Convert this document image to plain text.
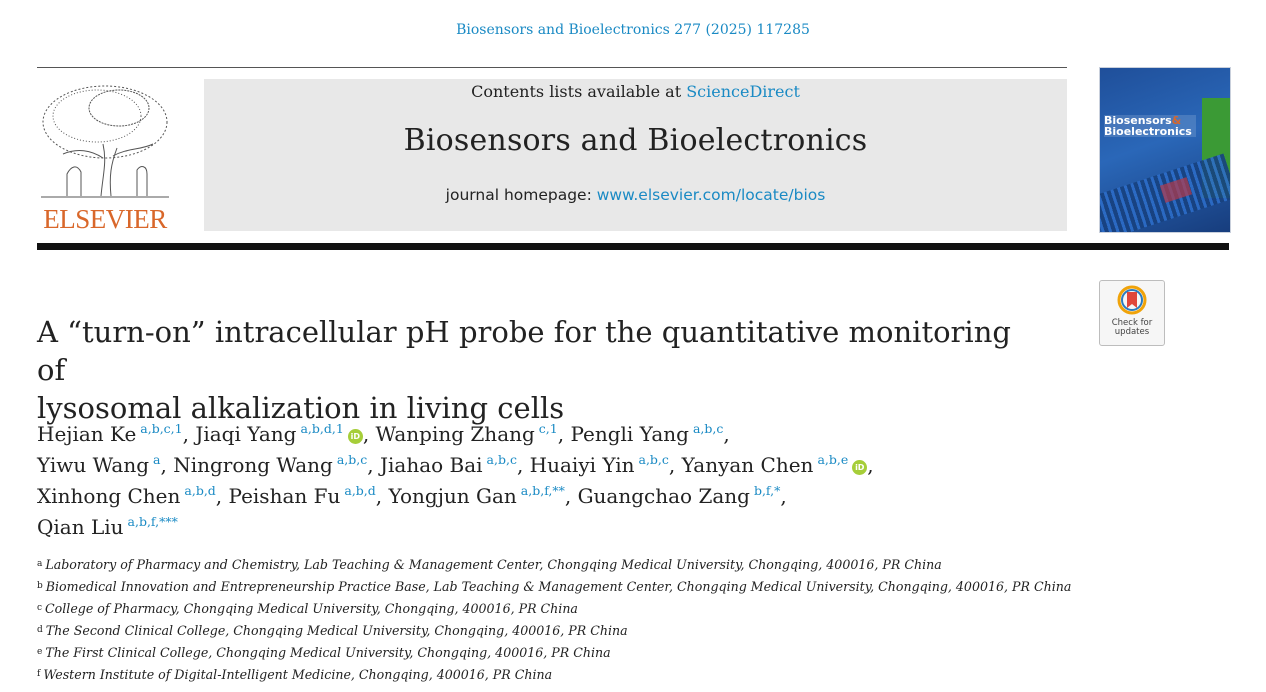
Biosensors and Bioelectronics 277 (2025) 117285
ELSEVIER
Contents lists available at ScienceDirect
Biosensors and Bioelectronics
journal homepage: www.elsevier.com/locate/bios
Biosensors&
Bioelectronics
Check for
updates
A “turn-on” intracellular pH probe for the quantitative monitoring of
lysosomal alkalization in living cells
Hejian Ke $^{a,b,c,1}$, Jiaqi Yang $^{a,b,d,1}$iD , Wanping Zhang $^{c,1}$, Pengli Yang $^{a,b,c}$,
Yiwu Wang $^a$, Ningrong Wang $^{a,b,c}$, Jiahao Bai $^{a,b,c}$, Huaiyi Yin $^{a,b,c}$, Yanyan Chen $^{a,b,e}$iD ,
Xinhong Chen $^{a,b,d}$, Peishan Fu $^{a,b,d}$, Yongjun Gan $^{a,b,f,**}$, Guangchao Zang $^{b,f,*}$,
Qian Liu $^{a,b,f,***}$
$^a$ Laboratory of Pharmacy and Chemistry, Lab Teaching & Management Center, Chongqing Medical University, Chongqing, 400016, PR China
$^b$ Biomedical Innovation and Entrepreneurship Practice Base, Lab Teaching & Management Center, Chongqing Medical University, Chongqing, 400016, PR China
$^c$ College of Pharmacy, Chongqing Medical University, Chongqing, 400016, PR China
$^d$ The Second Clinical College, Chongqing Medical University, Chongqing, 400016, PR China
$^e$ The First Clinical College, Chongqing Medical University, Chongqing, 400016, PR China
$^f$ Western Institute of Digital-Intelligent Medicine, Chongqing, 400016, PR China
